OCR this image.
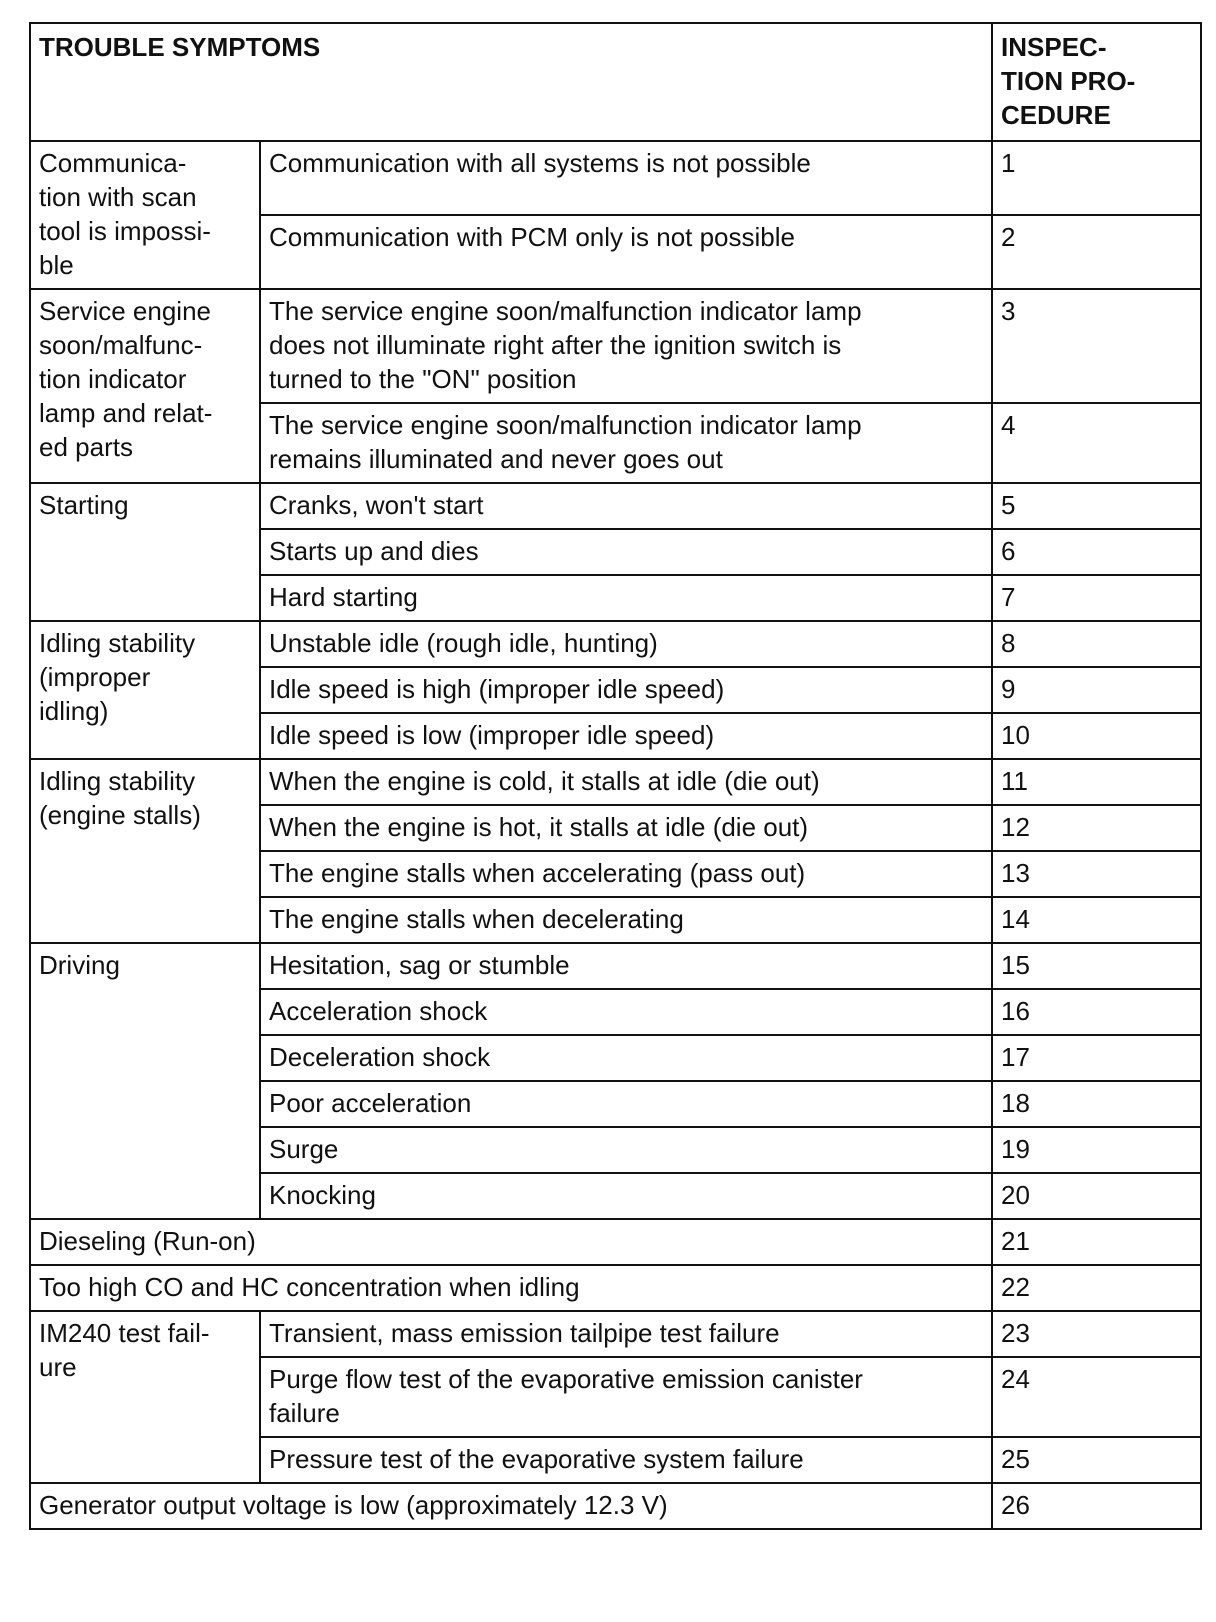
TROUBLE SYMPTOMS		INSPEC-
TION PRO-
CEDURE
Communica-
tion with scan
tool is impossi-
ble	Communication with all systems is not possible	1
	Communication with PCM only is not possible	2
Service engine
soon/malfunc-
tion indicator
lamp and relat-
ed parts	The service engine soon/malfunction indicator lamp
does not illuminate right after the ignition switch is
turned to the "ON" position	3
	The service engine soon/malfunction indicator lamp
remains illuminated and never goes out	4
Starting	Cranks, won't start	5
	Starts up and dies	6
	Hard starting	7
Idling stability
(improper
idling)	Unstable idle (rough idle, hunting)	8
	Idle speed is high (improper idle speed)	9
	Idle speed is low (improper idle speed)	10
Idling stability
(engine stalls)	When the engine is cold, it stalls at idle (die out)	11
	When the engine is hot, it stalls at idle (die out)	12
	The engine stalls when accelerating (pass out)	13
	The engine stalls when decelerating	14
Driving	Hesitation, sag or stumble	15
	Acceleration shock	16
	Deceleration shock	17
	Poor acceleration	18
	Surge	19
	Knocking	20
Dieseling (Run-on)		21
Too high CO and HC concentration when idling		22
IM240 test fail-
ure	Transient, mass emission tailpipe test failure	23
	Purge flow test of the evaporative emission canister
failure	24
	Pressure test of the evaporative system failure	25
Generator output voltage is low (approximately 12.3 V)		26
